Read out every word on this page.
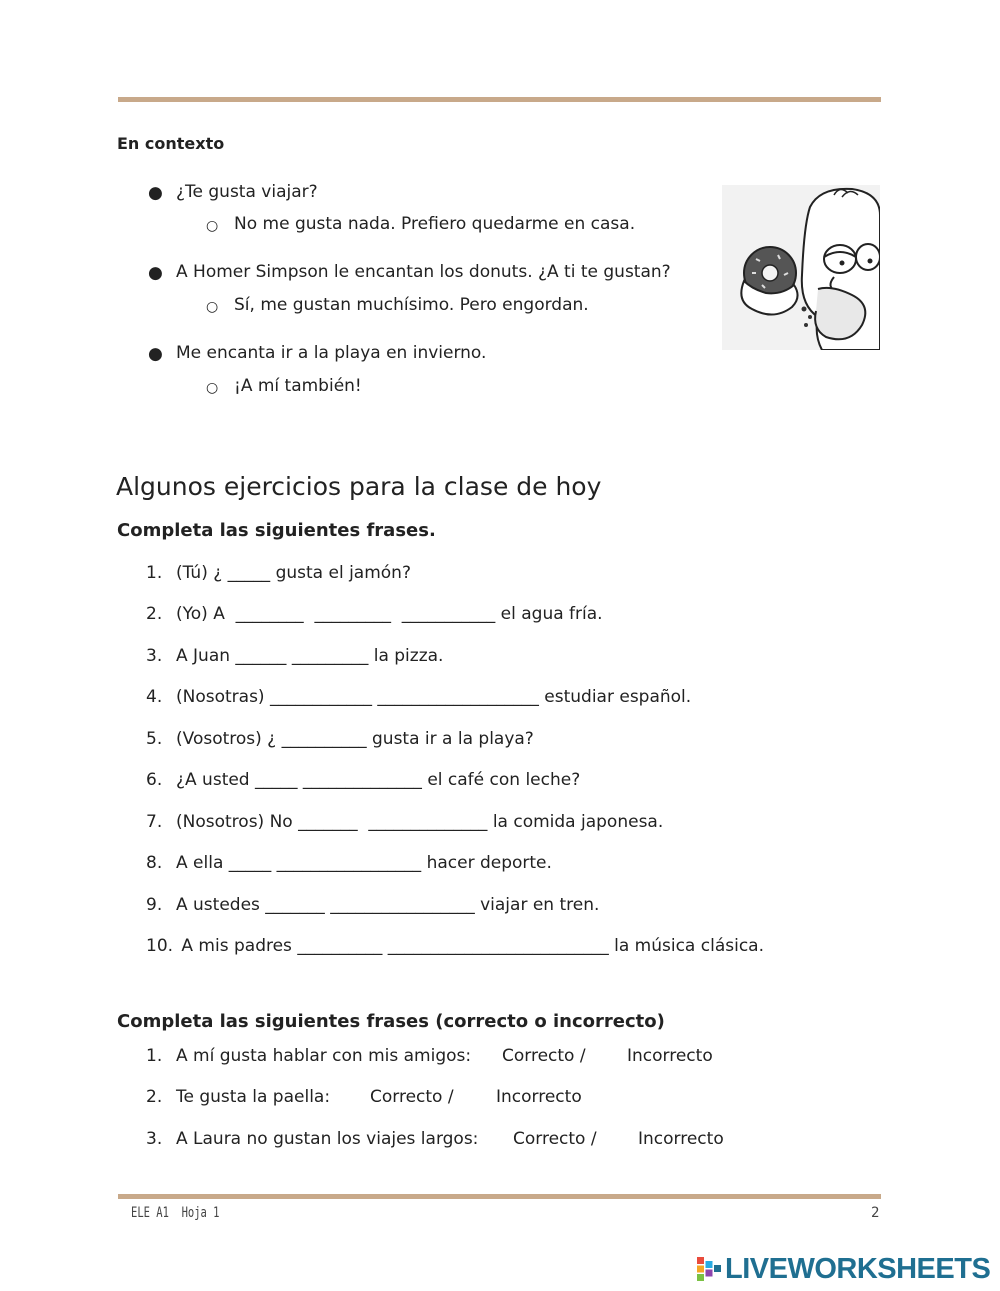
En contexto
● ¿Te gusta viajar?
○ No me gusta nada. Prefiero quedarme en casa.
● A Homer Simpson le encantan los donuts. ¿A ti te gustan?
○ Sí, me gustan muchísimo. Pero engordan.
● Me encanta ir a la playa en invierno.
○ ¡A mí también!
Algunos ejercicios para la clase de hoy
Completa las siguientes frases.
1. (Tú) ¿ _____ gusta el jamón?
2. (Yo) A  ________  _________  ___________ el agua fría.
3. A Juan ______ _________ la pizza.
4. (Nosotras) ____________ ___________________ estudiar español.
5. (Vosotros) ¿ __________ gusta ir a la playa?
6. ¿A usted _____ ______________ el café con leche?
7. (Nosotros) No _______  ______________ la comida japonesa.
8. A ella _____ _________________ hacer deporte.
9. A ustedes _______ _________________ viajar en tren.
10. A mis padres __________ __________________________ la música clásica.
Completa las siguientes frases (correcto o incorrecto)
1. A mí gusta hablar con mis amigos: Correcto / Incorrecto
2. Te gusta la paella: Correcto / Incorrecto
3. A Laura no gustan los viajes largos: Correcto / Incorrecto
ELE A1  Hoja 1	2
LIVEWORKSHEETS
